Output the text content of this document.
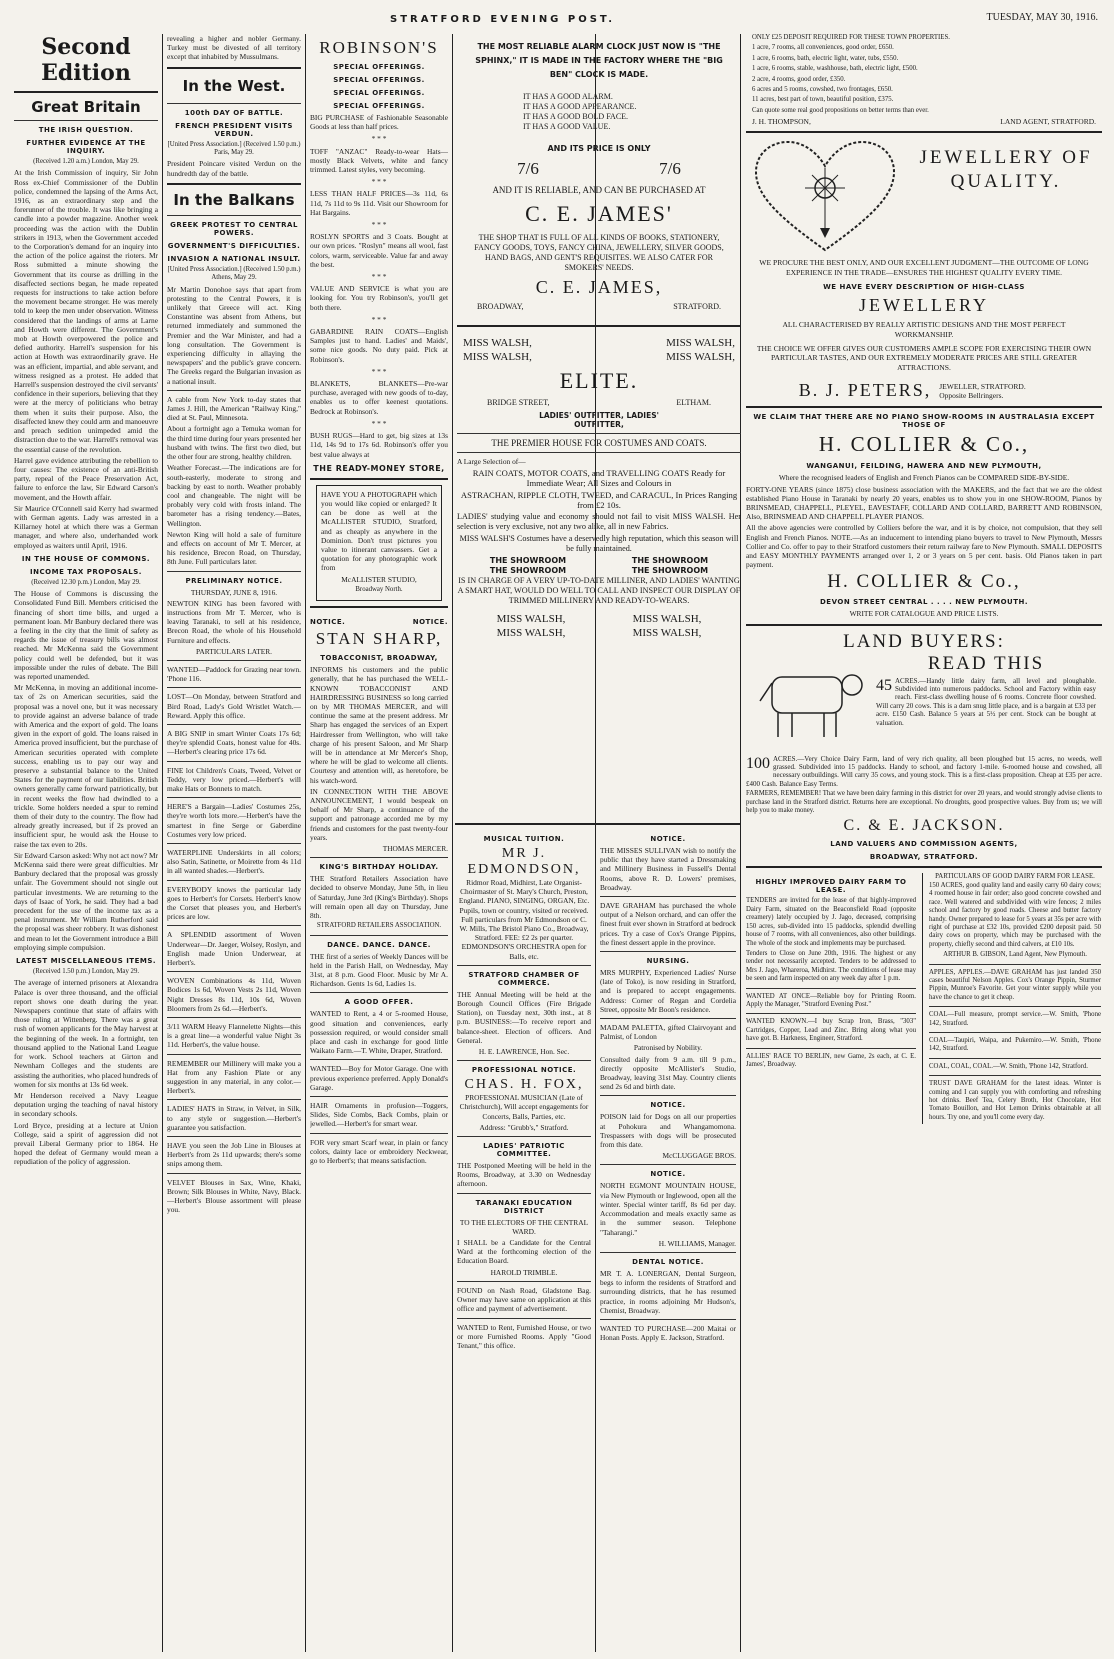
STRATFORD EVENING POST.	TUESDAY, MAY 30, 1916.
Second Edition
Great Britain
THE IRISH QUESTION.
FURTHER EVIDENCE AT THE INQUIRY.

(Received 1.20 a.m.) London, May 29.

At the Irish Commission of inquiry, Sir John Ross ex-Chief Commissioner of the Dublin police, condemned the lapsing of the Arms Act, 1916, as an extraordinary step and the forerunner of the trouble. It was like bringing a candle into a powder magazine. Another week proceeding was the action with the Dublin strikers in 1913, when the Government acceded to the Corporation's demand for an inquiry into the action of the police against the rioters. Mr Ross submitted a minute showing the Government that its course as drilling in the disaffected sections began, he made repeated requests for instructions to take action before the movement became stronger. He was merely told to keep the men under observation. Witness considered that the landings of arms at Larne and Howth were different. The Government's mob at Howth overpowered the police and defied authority. Harrell's suspension for his action at Howth was extraordinarily grave. He was an efficient, impartial, and able servant, and witness resigned as a protest. He added that Harrell's suspension destroyed the civil servants' confidence in their superiors, believing that they were at the mercy of politicians who betray them when it suits their purpose. Also, the disaffected knew they could arm and manoeuvre and preach sedition unimpeded amid the distraction due to the war. Harrell's removal was the essential cause of the revolution.

Harrel gave evidence attributing the rebellion to four causes: The existence of an anti-British party, repeal of the Peace Preservation Act, failure to enforce the law, Sir Edward Carson's movement, and the Howth affair.

Sir Maurice O'Connell said Kerry had swarmed with German agents. Lady was arrested in a Killarney hotel at which there was a German manager, and where also, underhanded work employed as waiters until April, 1916.

IN THE HOUSE OF COMMONS.
INCOME TAX PROPOSALS.

(Received 12.30 p.m.) London, May 29.

The House of Commons is discussing the Consolidated Fund Bill. Members criticised the financing of short time bills, and urged a permanent loan. Mr Banbury declared there was a feeling in the city that the limit of safety as regards the issue of treasury bills was almost reached. Mr McKenna said the Government policy could well be defended, but it was impossible under the rules of debate. The Bill was reported unamended.

Mr McKenna, in moving an additional income-tax of 2s on American securities, said the proposal was a novel one, but it was necessary to provide against an adverse balance of trade with America and the export of gold. The loans given in the export of gold. The loans raised in America proved insufficient, but the purchase of American securities operated with complete success, enabling us to pay our way and preserve a substantial balance to the United States for the payment of our liabilities. British owners generally came forward patriotically, but in recent weeks the flow had dwindled to a trickle. Some holders needed a spur to remind them of their duty to the country. The flow had already greatly increased, but if 2s proved an insufficient spur, he would ask the House to raise the tax even to 20s.

Sir Edward Carson asked: Why not act now? Mr McKenna said there were great difficulties. Mr Banbury declared that the proposal was grossly unfair. The Government should not single out particular investments. We are returning to the days of Isaac of York, he said. They had a bad precedent for the use of the income tax as a penal instrument. Mr William Rutherford said the proposal was sheer robbery. It was dishonest and mean to let the Government introduce a Bill employing simple compulsion.

LATEST MISCELLANEOUS ITEMS.

(Received 1.50 p.m.) London, May 29.

The average of interned prisoners at Alexandra Palace is over three thousand, and the official report shows one death during the year. Newspapers continue that state of affairs with those ruling at Wittenberg. There was a great rush of women applicants for the May harvest at the beginning of the week. In a fortnight, ten thousand applied to the National Land League for work. School teachers at Girton and Newnham Colleges and the students are assisting the authorities, who placed hundreds of women for six months at 13s 6d week.

Mr Henderson received a Navy League deputation urging the teaching of naval history in secondary schools.

Lord Bryce, presiding at a lecture at Union College, said a spirit of aggression did not prevail Liberal Germany prior to 1864. He hoped the defeat of Germany would mean a repudiation of the policy of aggression.

revealing a higher and nobler Germany. Turkey must be divested of all territory except that inhabited by Mussulmans.

In the West.
100th DAY OF BATTLE.
FRENCH PRESIDENT VISITS VERDUN.

[United Press Association.] (Received 1.50 p.m.) Paris, May 29.

President Poincare visited Verdun on the hundredth day of the battle.

In the Balkans
GREEK PROTEST TO CENTRAL POWERS.
GOVERNMENT'S DIFFICULTIES.
INVASION A NATIONAL INSULT.

[United Press Association.] (Received 1.50 p.m.) Athens, May 29.

Mr Martin Donohoe says that apart from protesting to the Central Powers, it is unlikely that Greece will act. King Constantine was absent from Athens, but returned immediately and summoned the Premier and the War Minister, and had a long consultation. The Government is experiencing difficulty in allaying the newspapers' and the public's grave concern. The Greeks regard the Bulgarian invasion as a national insult.

A cable from New York to-day states that James J. Hill, the American "Railway King," died at St. Paul, Minnesota.

About a fortnight ago a Temuka woman for the third time during four years presented her husband with twins. The first two died, but the other four are strong, healthy children.

Weather Forecast.—The indications are for south-easterly, moderate to strong and backing by east to north. Weather probably cool and changeable. The night will be probably very cold with frosts inland. The barometer has a rising tendency.—Bates, Wellington.

Newton King will hold a sale of furniture and effects on account of Mr T. Mercer, at his residence, Brecon Road, on Thursday, 8th June. Full particulars later.

PRELIMINARY NOTICE.

THURSDAY, JUNE 8, 1916.

NEWTON KING has been favored with instructions from Mr T. Mercer, who is leaving Taranaki, to sell at his residence, Brecon Road, the whole of his Household Furniture and effects.

PARTICULARS LATER.

WANTED—Paddock for Grazing near town. 'Phone 116.
LOST—On Monday, between Stratford and Bird Road, Lady's Gold Wristlet Watch.—Reward. Apply this office.
A BIG SNIP in smart Winter Coats 17s 6d; they're splendid Coats, honest value for 40s.—Herbert's clearing price 17s 6d.
FINE lot Children's Coats, Tweed, Velvet or Teddy, very low priced.—Herbert's will make Hats or Bonnets to match.
HERE'S a Bargain—Ladies' Costumes 25s, they're worth lots more.—Herbert's have the smartest in fine Serge or Gaberdine Costumes very low priced.
WATERPLINE Underskirts in all colors; also Satin, Satinette, or Moirette from 4s 11d in all wanted shades.—Herbert's.
EVERYBODY knows the particular lady goes to Herbert's for Corsets. Herbert's know the Corset that pleases you, and Herbert's prices are low.
A SPLENDID assortment of Woven Underwear—Dr. Jaeger, Wolsey, Roslyn, and English made Union Underwear, at Herbert's.
WOVEN Combinations 4s 11d, Woven Bodices 1s 6d, Woven Vests 2s 11d, Woven Night Dresses 8s 11d, 10s 6d, Woven Bloomers from 2s 6d.—Herbert's.
3/11 WARM Heavy Flannelette Nights—this is a great line—a wonderful value Night 3s 11d. Herbert's, the value house.
REMEMBER our Millinery will make you a Hat from any Fashion Plate or any suggestion in any material, in any color.—Herbert's.
LADIES' HATS in Straw, in Velvet, in Silk, to any style or suggestion.—Herbert's guarantee you satisfaction.
HAVE you seen the Job Line in Blouses at Herbert's from 2s 11d upwards; there's some snips among them.
VELVET Blouses in Sax, Wine, Khaki, Brown; Silk Blouses in White, Navy, Black.—Herbert's Blouse assortment will please you.
ROBINSON'S
SPECIAL OFFERINGS.
SPECIAL OFFERINGS.
SPECIAL OFFERINGS.
SPECIAL OFFERINGS.
BIG PURCHASE of Fashionable Seasonable Goods at less than half prices.

* * *

TOFF "ANZAC" Ready-to-wear Hats—mostly Black Velvets, white and fancy trimmed. Latest styles, very becoming.

* * *

LESS THAN HALF PRICES—3s 11d, 6s 11d, 7s 11d to 9s 11d. Visit our Showroom for Hat Bargains.

* * *

ROSLYN SPORTS and 3 Coats. Bought at our own prices. "Roslyn" means all wool, fast colors, warm, serviceable. Value far and away the best.

* * *

VALUE AND SERVICE is what you are looking for. You try Robinson's, you'll get both there.

* * *

GABARDINE RAIN COATS—English Samples just to hand. Ladies' and Maids', some nice goods. No duty paid. Pick at Robinson's.

* * *

BLANKETS, BLANKETS—Pre-war purchase, averaged with new goods of to-day, enables us to offer keenest quotations. Bedrock at Robinson's.

* * *

BUSH RUGS—Hard to get, big sizes at 13s 11d, 14s 9d to 17s 6d. Robinson's offer you best value always at
THE READY-MONEY STORE,

HAVE YOU A PHOTOGRAPH which you would like copied or enlarged? It can be done as well at the McALLISTER STUDIO, Stratford, and as cheaply as anywhere in the Dominion. Don't trust pictures you value to itinerant canvassers. Get a quotation for any photographic work from

McALLISTER STUDIO,

Broadway North.

NOTICE.	NOTICE.
STAN SHARP,
TOBACCONIST, BROADWAY,

INFORMS his customers and the public generally, that he has purchased the WELL-KNOWN TOBACCONIST AND HAIRDRESSING BUSINESS so long carried on by MR THOMAS MERCER, and will continue the same at the present address. Mr Sharp has engaged the services of an Expert Hairdresser from Wellington, who will take charge of his present Saloon, and Mr Sharp will be in attendance at Mr Mercer's Shop, where he will be glad to welcome all clients. Courtesy and attention will, as heretofore, be his watch-word.

IN CONNECTION WITH THE ABOVE ANNOUNCEMENT, I would bespeak on behalf of Mr Sharp, a continuance of the support and patronage accorded me by my friends and customers for the past twenty-four years.

THOMAS MERCER.

KING'S BIRTHDAY HOLIDAY.

THE Stratford Retailers Association have decided to observe Monday, June 5th, in lieu of Saturday, June 3rd (King's Birthday). Shops will remain open all day on Thursday, June 8th.

STRATFORD RETAILERS ASSOCIATION.

DANCE. DANCE. DANCE.

THE first of a series of Weekly Dances will be held in the Parish Hall, on Wednesday, May 31st, at 8 p.m. Good Floor. Music by Mr A. Richardson. Gents 1s 6d, Ladies 1s.

A GOOD OFFER.

WANTED to Rent, a 4 or 5-roomed House, good situation and conveniences, early possession required, or would consider small place and cash in exchange for good little Waikato Farm.—T. White, Draper, Stratford.

WANTED—Boy for Motor Garage. One with previous experience preferred. Apply Donald's Garage.

HAIR Ornaments in profusion—Toggers, Slides, Side Combs, Back Combs, plain or jewelled.—Herbert's for smart wear.

FOR very smart Scarf wear, in plain or fancy colors, dainty lace or embroidery Neckwear, go to Herbert's; that means satisfaction.

THE MOST RELIABLE ALARM CLOCK JUST NOW IS "THE SPHINX," IT IS MADE IN THE FACTORY WHERE THE "BIG BEN" CLOCK IS MADE.
IT HAS A GOOD ALARM.
IT HAS A GOOD APPEARANCE.
IT HAS A GOOD BOLD FACE.
IT HAS A GOOD VALUE.
AND ITS PRICE IS ONLY
7/6	7/6
AND IT IS RELIABLE, AND CAN BE PURCHASED AT
C. E. JAMES'
THE SHOP THAT IS FULL OF ALL KINDS OF BOOKS, STATIONERY, FANCY GOODS, TOYS, FANCY CHINA, JEWELLERY, SILVER GOODS, HAND BAGS, AND GENT'S REQUISITES. WE ALSO CATER FOR SMOKERS' NEEDS.
C. E. JAMES,
BROADWAY,	STRATFORD.
MISS WALSH,
MISS WALSH,
MISS WALSH,
MISS WALSH,
ELITE.
BRIDGE STREET,	ELTHAM.
LADIES' OUTFITTER, LADIES' OUTFITTER,
THE PREMIER HOUSE FOR COSTUMES AND COATS.

A Large Selection of—

RAIN COATS, MOTOR COATS, and TRAVELLING COATS Ready for Immediate Wear; All Sizes and Colours in

ASTRACHAN, RIPPLE CLOTH, TWEED, and CARACUL, In Prices Ranging from £2 10s.

LADIES' studying value and economy should not fail to visit MISS WALSH. Her selection is very exclusive, not any two alike, all in new Fabrics.

MISS WALSH'S Costumes have a deservedly high reputation, which this season will be fully maintained.

THE SHOWROOM
THE SHOWROOM
THE SHOWROOM
THE SHOWROOM

IS IN CHARGE OF A VERY UP-TO-DATE MILLINER, AND LADIES' WANTING A SMART HAT, WOULD DO WELL TO CALL AND INSPECT OUR DISPLAY OF TRIMMED MILLINERY AND READY-TO-WEARS.

MISS WALSH,
MISS WALSH,
MISS WALSH,
MISS WALSH,
MUSICAL TUITION.
MR J. EDMONDSON,

Ridmor Road, Midhirst, Late Organist-Choirmaster of St. Mary's Church, Preston, England. PIANO, SINGING, ORGAN, Etc. Pupils, town or country, visited or received. Full particulars from Mr Edmondson or C. W. Mills, The Bristol Piano Co., Broadway, Stratford. FEE: £2 2s per quarter. EDMONDSON'S ORCHESTRA open for Balls, etc.

STRATFORD CHAMBER OF COMMERCE.

THE Annual Meeting will be held at the Borough Council Offices (Fire Brigade Station), on Tuesday next, 30th inst., at 8 p.m. BUSINESS:—To receive report and balance-sheet. Election of officers. And General.

H. E. LAWRENCE, Hon. Sec.

PROFESSIONAL NOTICE.
CHAS. H. FOX,

PROFESSIONAL MUSICIAN (Late of Christchurch), Will accept engagements for Concerts, Balls, Parties, etc.

Address: "Grubb's," Stratford.

LADIES' PATRIOTIC COMMITTEE.

THE Postponed Meeting will be held in the Rooms, Broadway, at 3.30 on Wednesday afternoon.

TARANAKI EDUCATION DISTRICT

TO THE ELECTORS OF THE CENTRAL WARD.

I SHALL be a Candidate for the Central Ward at the forthcoming election of the Education Board.

HAROLD TRIMBLE.

FOUND on Nash Road, Gladstone Bag. Owner may have same on application at this office and payment of advertisement.

WANTED to Rent, Furnished House, or two or more Furnished Rooms. Apply "Good Tenant," this office.

NOTICE.

THE MISSES SULLIVAN wish to notify the public that they have started a Dressmaking and Millinery Business in Fussell's Dental Rooms, above R. D. Lowers' premises, Broadway.

DAVE GRAHAM has purchased the whole output of a Nelson orchard, and can offer the finest fruit ever shown in Stratford at bedrock prices. Try a case of Cox's Orange Pippins, the finest dessert apple in the province.

NURSING.

MRS MURPHY, Experienced Ladies' Nurse (late of Toko), is now residing in Stratford, and is prepared to accept engagements. Address: Corner of Regan and Cordelia Street, opposite Mr Boon's residence.

MADAM PALETTA, gifted Clairvoyant and Palmist, of London

Patronised by Nobility.

Consulted daily from 9 a.m. till 9 p.m., directly opposite McAllister's Studio, Broadway, leaving 31st May. Country clients send 2s 6d and birth date.

NOTICE.

POISON laid for Dogs on all our properties at Pohokura and Whangamomona. Trespassers with dogs will be prosecuted from this date.

McCLUGGAGE BROS.

NOTICE.

NORTH EGMONT MOUNTAIN HOUSE, via New Plymouth or Inglewood, open all the winter. Special winter tariff, 8s 6d per day. Accommodation and meals exactly same as in the summer season. Telephone "Taharangi."

H. WILLIAMS, Manager.

DENTAL NOTICE.

MR T. A. LONERGAN, Dental Surgeon, begs to inform the residents of Stratford and surrounding districts, that he has resumed practice, in rooms adjoining Mr Hudson's, Chemist, Broadway.

WANTED TO PURCHASE—200 Maitai or Honan Posts. Apply E. Jackson, Stratford.

ONLY £25 DEPOSIT REQUIRED FOR THESE TOWN PROPERTIES.

1 acre, 7 rooms, all conveniences, good order, £650.

1 acre, 6 rooms, bath, electric light, water, tubs, £550.

1 acre, 6 rooms, stable, washhouse, bath, electric light, £500.

2 acre, 4 rooms, good order, £350.

6 acres and 5 rooms, cowshed, two frontages, £650.

11 acres, best part of town, beautiful position, £375.

Can quote some real good propositions on better terms than ever.

J. H. THOMPSON,	LAND AGENT, STRATFORD.
JEWELLERY OF QUALITY.
WE PROCURE THE BEST ONLY, AND OUR EXCELLENT JUDGMENT—THE OUTCOME OF LONG EXPERIENCE IN THE TRADE—ENSURES THE HIGHEST QUALITY EVERY TIME.
WE HAVE EVERY DESCRIPTION OF HIGH-CLASS
JEWELLERY
ALL CHARACTERISED BY REALLY ARTISTIC DESIGNS AND THE MOST PERFECT WORKMANSHIP.
THE CHOICE WE OFFER GIVES OUR CUSTOMERS AMPLE SCOPE FOR EXERCISING THEIR OWN PARTICULAR TASTES, AND OUR EXTREMELY MODERATE PRICES ARE STILL GREATER ATTRACTIONS.
B. J. PETERS, JEWELLER, STRATFORD. Opposite Bellringers.
WE CLAIM THAT THERE ARE NO PIANO SHOW-ROOMS IN AUSTRALASIA EXCEPT THOSE OF
H. COLLIER & Co.,
WANGANUI, FEILDING, HAWERA AND NEW PLYMOUTH,

Where the recognised leaders of English and French Pianos can be COMPARED SIDE-BY-SIDE.

FORTY-ONE YEARS (since 1875) close business association with the MAKERS, and the fact that we are the oldest established Piano House in Taranaki by nearly 20 years, enables us to show you in one SHOW-ROOM, Pianos by BRINSMEAD, CHAPPELL, PLEYEL, EAVESTAFF, COLLARD AND COLLARD, BARRETT AND ROBINSON, Also, BRINSMEAD AND CHAPPELL PLAYER PIANOS.

All the above agencies were controlled by Colliers before the war, and it is by choice, not compulsion, that they sell English and French Pianos. NOTE.—As an inducement to intending piano buyers to travel to New Plymouth, Messrs Collier and Co. offer to pay to their Stratford customers their return railway fare to New Plymouth. SMALL DEPOSITS and EASY MONTHLY PAYMENTS arranged over 1, 2 or 3 years on 5 per cent. basis. Old Pianos taken in part payment.

H. COLLIER & Co.,
DEVON STREET CENTRAL . . . . NEW PLYMOUTH.

WRITE FOR CATALOGUE AND PRICE LISTS.

LAND BUYERS:
READ THIS
45 ACRES.—Handy little dairy farm, all level and ploughable. Subdivided into numerous paddocks. School and Factory within easy reach. First-class dwelling house of 6 rooms. Concrete floor cowshed. Will carry 20 cows. This is a darn snug little place, and is a bargain at £33 per acre. £150 Cash. Balance 5 years at 5½ per cent. Stock can be bought at valuation.

100 ACRES.—Very Choice Dairy Farm, land of very rich quality, all been ploughed but 15 acres, no weeds, well grassed. Subdivided into 15 paddocks. Handy to school, and factory 1-mile. 6-roomed house and cowshed, all necessary outbuildings. Will carry 35 cows, and young stock. This is a first-class proposition. Cheap at £35 per acre. £400 Cash. Balance Easy Terms.

FARMERS, REMEMBER! That we have been dairy farming in this district for over 20 years, and would strongly advise clients to purchase land in the Stratford district. Returns here are exceptional. No droughts, good prospective values. Buy from us; we will help you to make money.

C. & E. JACKSON.
LAND VALUERS AND COMMISSION AGENTS,
BROADWAY, STRATFORD.
HIGHLY IMPROVED DAIRY FARM TO LEASE.

TENDERS are invited for the lease of that highly-improved Dairy Farm, situated on the Beaconsfield Road (opposite creamery) lately occupied by J. Jago, deceased, comprising 150 acres, sub-divided into 15 paddocks, splendid dwelling house of 7 rooms, with all conveniences, also other buildings. The whole of the stock and implements may be purchased.

Tenders to Close on June 20th, 1916. The highest or any tender not necessarily accepted. Tenders to be addressed to Mrs J. Jago, Whareroa, Midhirst. The conditions of lease may be seen and farm inspected on any week day after 1 p.m.

WANTED AT ONCE—Reliable boy for Printing Room. Apply the Manager, "Stratford Evening Post."

WANTED KNOWN.—I buy Scrap Iron, Brass, "303" Cartridges, Copper, Lead and Zinc. Bring along what you have got. B. Harkness, Engineer, Stratford.

ALLIES' RACE TO BERLIN, new Game, 2s each, at C. E. James', Broadway.

PARTICULARS OF GOOD DAIRY FARM FOR LEASE.

150 ACRES, good quality land and easily carry 60 dairy cows; 4 roomed house in fair order; also good concrete cowshed and race. Well watered and subdivided with wire fences; 2 miles school and factory by good roads. Cheese and butter factory handy. Owner prepared to lease for 5 years at 35s per acre with right of purchase at £32 10s, provided £200 deposit paid. 50 dairy cows on property, which may be purchased with the property, chiefly second and third calvers, at £10 10s.

ARTHUR B. GIBSON, Land Agent, New Plymouth.

APPLES, APPLES.—DAVE GRAHAM has just landed 350 cases beautiful Nelson Apples. Cox's Orange Pippin, Sturmer Pippin, Munroe's Favorite. Get your winter supply while you have the chance to get it cheap.

COAL—Full measure, prompt service.—W. Smith, 'Phone 142, Stratford.

COAL—Taupiri, Waipa, and Pukemiro.—W. Smith, 'Phone 142, Stratford.

COAL, COAL, COAL.—W. Smith, 'Phone 142, Stratford.

TRUST DAVE GRAHAM for the latest ideas. Winter is coming and I can supply you with comforting and refreshing hot drinks. Beef Tea, Celery Broth, Hot Chocolate, Hot Tomato Bouillon, and Hot Lemon Drinks obtainable at all hours. Try one, and you'll come every day.
